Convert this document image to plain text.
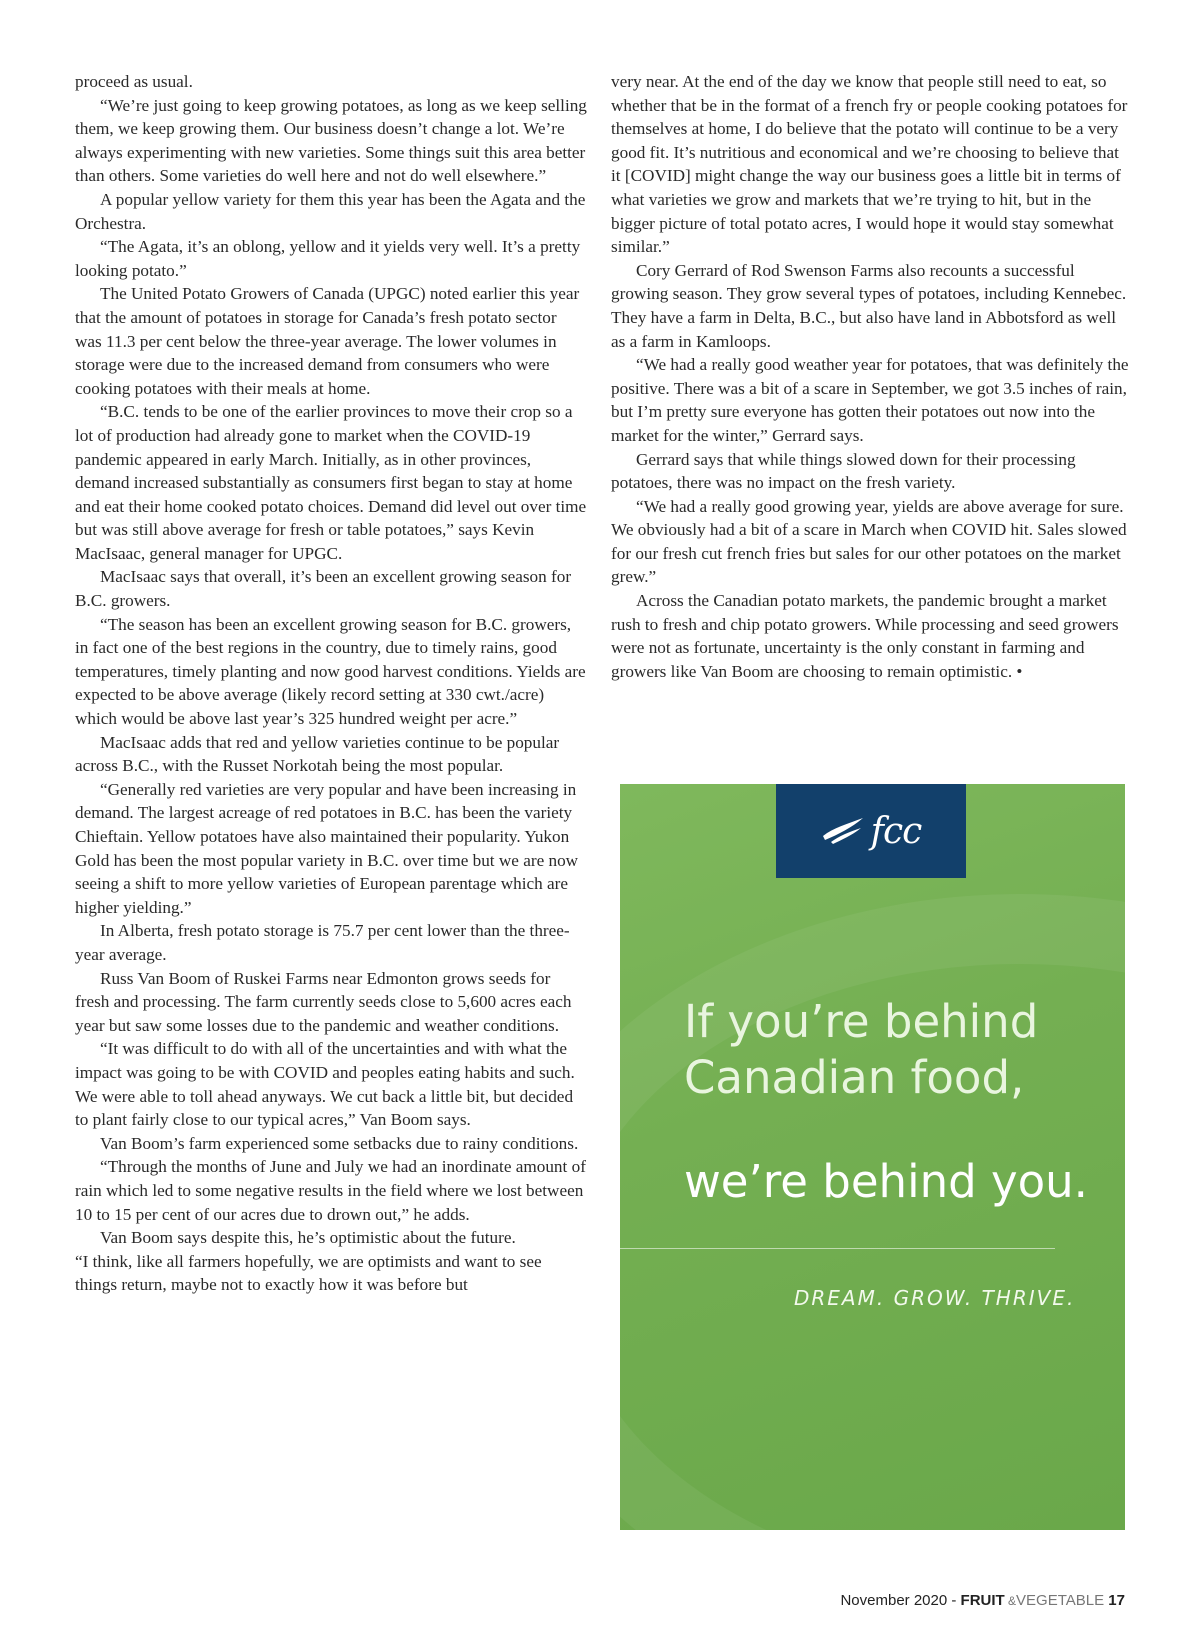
proceed as usual.

“We’re just going to keep growing potatoes, as long as we keep selling them, we keep growing them. Our business doesn’t change a lot. We’re always experimenting with new varieties. Some things suit this area better than others. Some varieties do well here and not do well elsewhere.”

A popular yellow variety for them this year has been the Agata and the Orchestra.

“The Agata, it’s an oblong, yellow and it yields very well. It’s a pretty looking potato.”

The United Potato Growers of Canada (UPGC) noted earlier this year that the amount of potatoes in storage for Canada’s fresh potato sector was 11.3 per cent below the three-year average. The lower volumes in storage were due to the increased demand from consumers who were cooking potatoes with their meals at home.

“B.C. tends to be one of the earlier provinces to move their crop so a lot of production had already gone to market when the COVID-19 pandemic appeared in early March. Initially, as in other provinces, demand increased substantially as consumers first began to stay at home and eat their home cooked potato choices. Demand did level out over time but was still above average for fresh or table potatoes,” says Kevin MacIsaac, general manager for UPGC.

MacIsaac says that overall, it’s been an excellent growing season for B.C. growers.

“The season has been an excellent growing season for B.C. growers, in fact one of the best regions in the country, due to timely rains, good temperatures, timely planting and now good harvest conditions. Yields are expected to be above average (likely record setting at 330 cwt./acre) which would be above last year’s 325 hundred weight per acre.”

MacIsaac adds that red and yellow varieties continue to be popular across B.C., with the Russet Norkotah being the most popular.

“Generally red varieties are very popular and have been increasing in demand. The largest acreage of red potatoes in B.C. has been the variety Chieftain. Yellow potatoes have also maintained their popularity. Yukon Gold has been the most popular variety in B.C. over time but we are now seeing a shift to more yellow varieties of European parentage which are higher yielding.”

In Alberta, fresh potato storage is 75.7 per cent lower than the three-year average.

Russ Van Boom of Ruskei Farms near Edmonton grows seeds for fresh and processing. The farm currently seeds close to 5,600 acres each year but saw some losses due to the pandemic and weather conditions.

“It was difficult to do with all of the uncertainties and with what the impact was going to be with COVID and peoples eating habits and such. We were able to toll ahead anyways. We cut back a little bit, but decided to plant fairly close to our typical acres,” Van Boom says.

Van Boom’s farm experienced some setbacks due to rainy conditions.

“Through the months of June and July we had an inordinate amount of rain which led to some negative results in the field where we lost between 10 to 15 per cent of our acres due to drown out,” he adds.

Van Boom says despite this, he’s optimistic about the future.

“I think, like all farmers hopefully, we are optimists and want to see things return, maybe not to exactly how it was before but

very near. At the end of the day we know that people still need to eat, so whether that be in the format of a french fry or people cooking potatoes for themselves at home, I do believe that the potato will continue to be a very good fit. It’s nutritious and economical and we’re choosing to believe that it [COVID] might change the way our business goes a little bit in terms of what varieties we grow and markets that we’re trying to hit, but in the bigger picture of total potato acres, I would hope it would stay somewhat similar.”

Cory Gerrard of Rod Swenson Farms also recounts a successful growing season. They grow several types of potatoes, including Kennebec. They have a farm in Delta, B.C., but also have land in Abbotsford as well as a farm in Kamloops.

“We had a really good weather year for potatoes, that was definitely the positive. There was a bit of a scare in September, we got 3.5 inches of rain, but I’m pretty sure everyone has gotten their potatoes out now into the market for the winter,” Gerrard says.

Gerrard says that while things slowed down for their processing potatoes, there was no impact on the fresh variety.

“We had a really good growing year, yields are above average for sure. We obviously had a bit of a scare in March when COVID hit. Sales slowed for our fresh cut french fries but sales for our other potatoes on the market grew.”

Across the Canadian potato markets, the pandemic brought a market rush to fresh and chip potato growers. While processing and seed growers were not as fortunate, uncertainty is the only constant in farming and growers like Van Boom are choosing to remain optimistic. •

fcc
If you’re behind
Canadian food,
we’re behind you.
DREAM. GROW. THRIVE.
November 2020 - FRUIT &VEGETABLE 17
